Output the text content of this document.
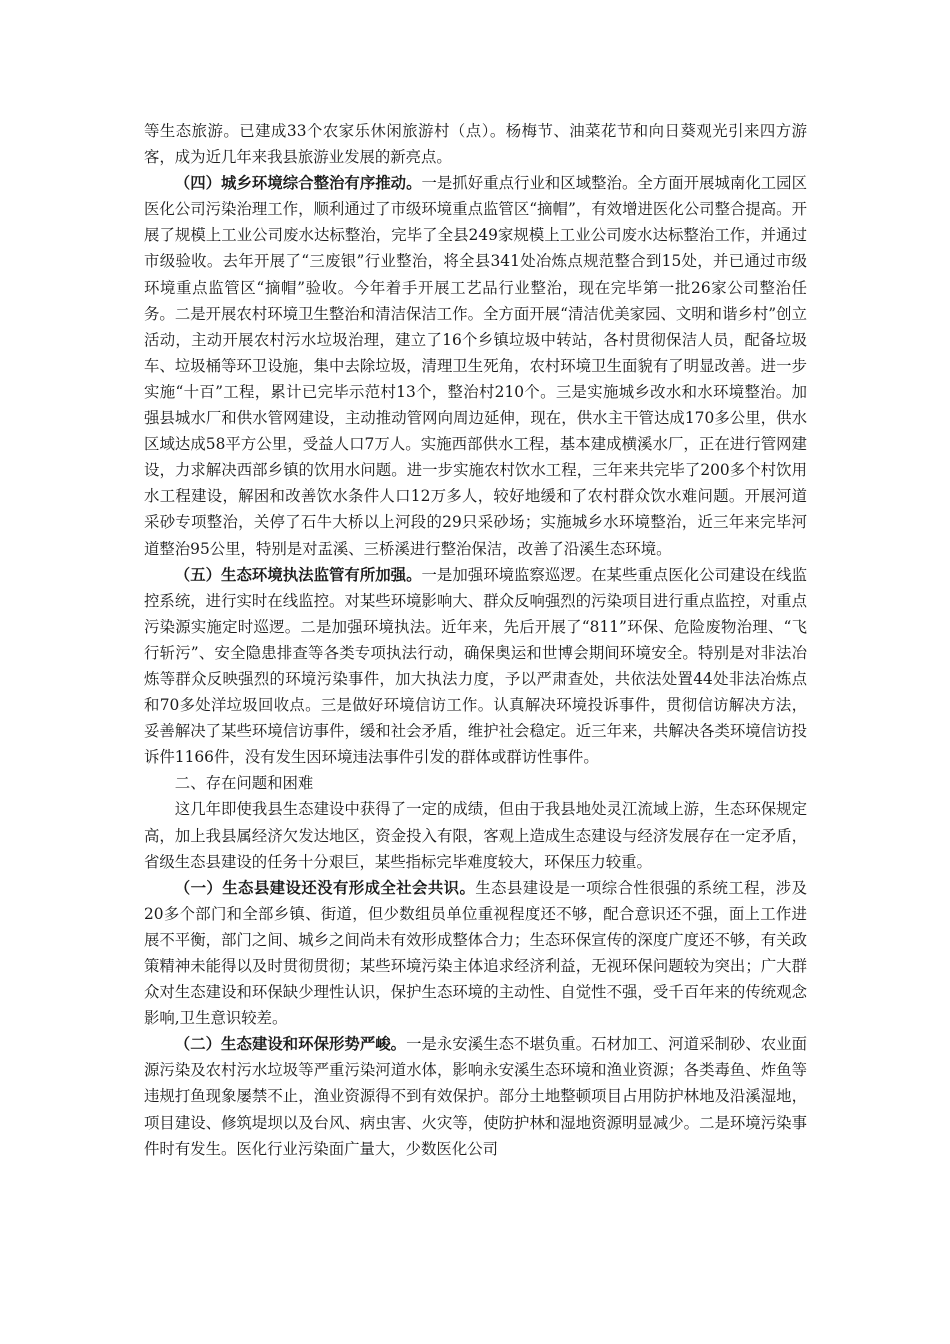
等生态旅游。已建成33个农家乐休闲旅游村（点）。杨梅节、油菜花节和向日葵观光引来四方游客，成为近几年来我县旅游业发展的新亮点。

（四）城乡环境综合整治有序推动。一是抓好重点行业和区域整治。全方面开展城南化工园区医化公司污染治理工作，顺利通过了市级环境重点监管区“摘帽”，有效增进医化公司整合提高。开展了规模上工业公司废水达标整治，完毕了全县249家规模上工业公司废水达标整治工作，并通过市级验收。去年开展了“三废银”行业整治，将全县341处冶炼点规范整合到15处，并已通过市级环境重点监管区“摘帽”验收。今年着手开展工艺品行业整治，现在完毕第一批26家公司整治任务。二是开展农村环境卫生整治和清洁保洁工作。全方面开展“清洁优美家园、文明和谐乡村”创立活动，主动开展农村污水垃圾治理，建立了16个乡镇垃圾中转站，各村贯彻保洁人员，配备垃圾车、垃圾桶等环卫设施，集中去除垃圾，清理卫生死角，农村环境卫生面貌有了明显改善。进一步实施“十百”工程，累计已完毕示范村13个，整治村210个。三是实施城乡改水和水环境整治。加强县城水厂和供水管网建设，主动推动管网向周边延伸，现在，供水主干管达成170多公里，供水区域达成58平方公里，受益人口7万人。实施西部供水工程，基本建成横溪水厂，正在进行管网建设，力求解决西部乡镇的饮用水问题。进一步实施农村饮水工程，三年来共完毕了200多个村饮用水工程建设，解困和改善饮水条件人口12万多人，较好地缓和了农村群众饮水难问题。开展河道采砂专项整治，关停了石牛大桥以上河段的29只采砂场；实施城乡水环境整治，近三年来完毕河道整治95公里，特别是对盂溪、三桥溪进行整治保洁，改善了沿溪生态环境。

（五）生态环境执法监管有所加强。一是加强环境监察巡逻。在某些重点医化公司建设在线监控系统，进行实时在线监控。对某些环境影响大、群众反响强烈的污染项目进行重点监控，对重点污染源实施定时巡逻。二是加强环境执法。近年来，先后开展了“811”环保、危险废物治理、“飞行斩污”、安全隐患排查等各类专项执法行动，确保奥运和世博会期间环境安全。特别是对非法冶炼等群众反映强烈的环境污染事件，加大执法力度，予以严肃查处，共依法处置44处非法冶炼点和70多处洋垃圾回收点。三是做好环境信访工作。认真解决环境投诉事件，贯彻信访解决方法，妥善解决了某些环境信访事件，缓和社会矛盾，维护社会稳定。近三年来，共解决各类环境信访投诉件1166件，没有发生因环境违法事件引发的群体或群访性事件。

二、存在问题和困难

这几年即使我县生态建设中获得了一定的成绩，但由于我县地处灵江流域上游，生态环保规定高，加上我县属经济欠发达地区，资金投入有限，客观上造成生态建设与经济发展存在一定矛盾，省级生态县建设的任务十分艰巨，某些指标完毕难度较大，环保压力较重。

（一）生态县建设还没有形成全社会共识。生态县建设是一项综合性很强的系统工程，涉及20多个部门和全部乡镇、街道，但少数组员单位重视程度还不够，配合意识还不强，面上工作进展不平衡，部门之间、城乡之间尚未有效形成整体合力；生态环保宣传的深度广度还不够，有关政策精神未能得以及时贯彻贯彻；某些环境污染主体追求经济利益，无视环保问题较为突出；广大群众对生态建设和环保缺少理性认识，保护生态环境的主动性、自觉性不强，受千百年来的传统观念影响,卫生意识较差。

（二）生态建设和环保形势严峻。一是永安溪生态不堪负重。石材加工、河道采制砂、农业面源污染及农村污水垃圾等严重污染河道水体，影响永安溪生态环境和渔业资源；各类毒鱼、炸鱼等违规打鱼现象屡禁不止，渔业资源得不到有效保护。部分土地整顿项目占用防护林地及沿溪湿地，项目建设、修筑堤坝以及台风、病虫害、火灾等，使防护林和湿地资源明显减少。二是环境污染事件时有发生。医化行业污染面广量大，少数医化公司
